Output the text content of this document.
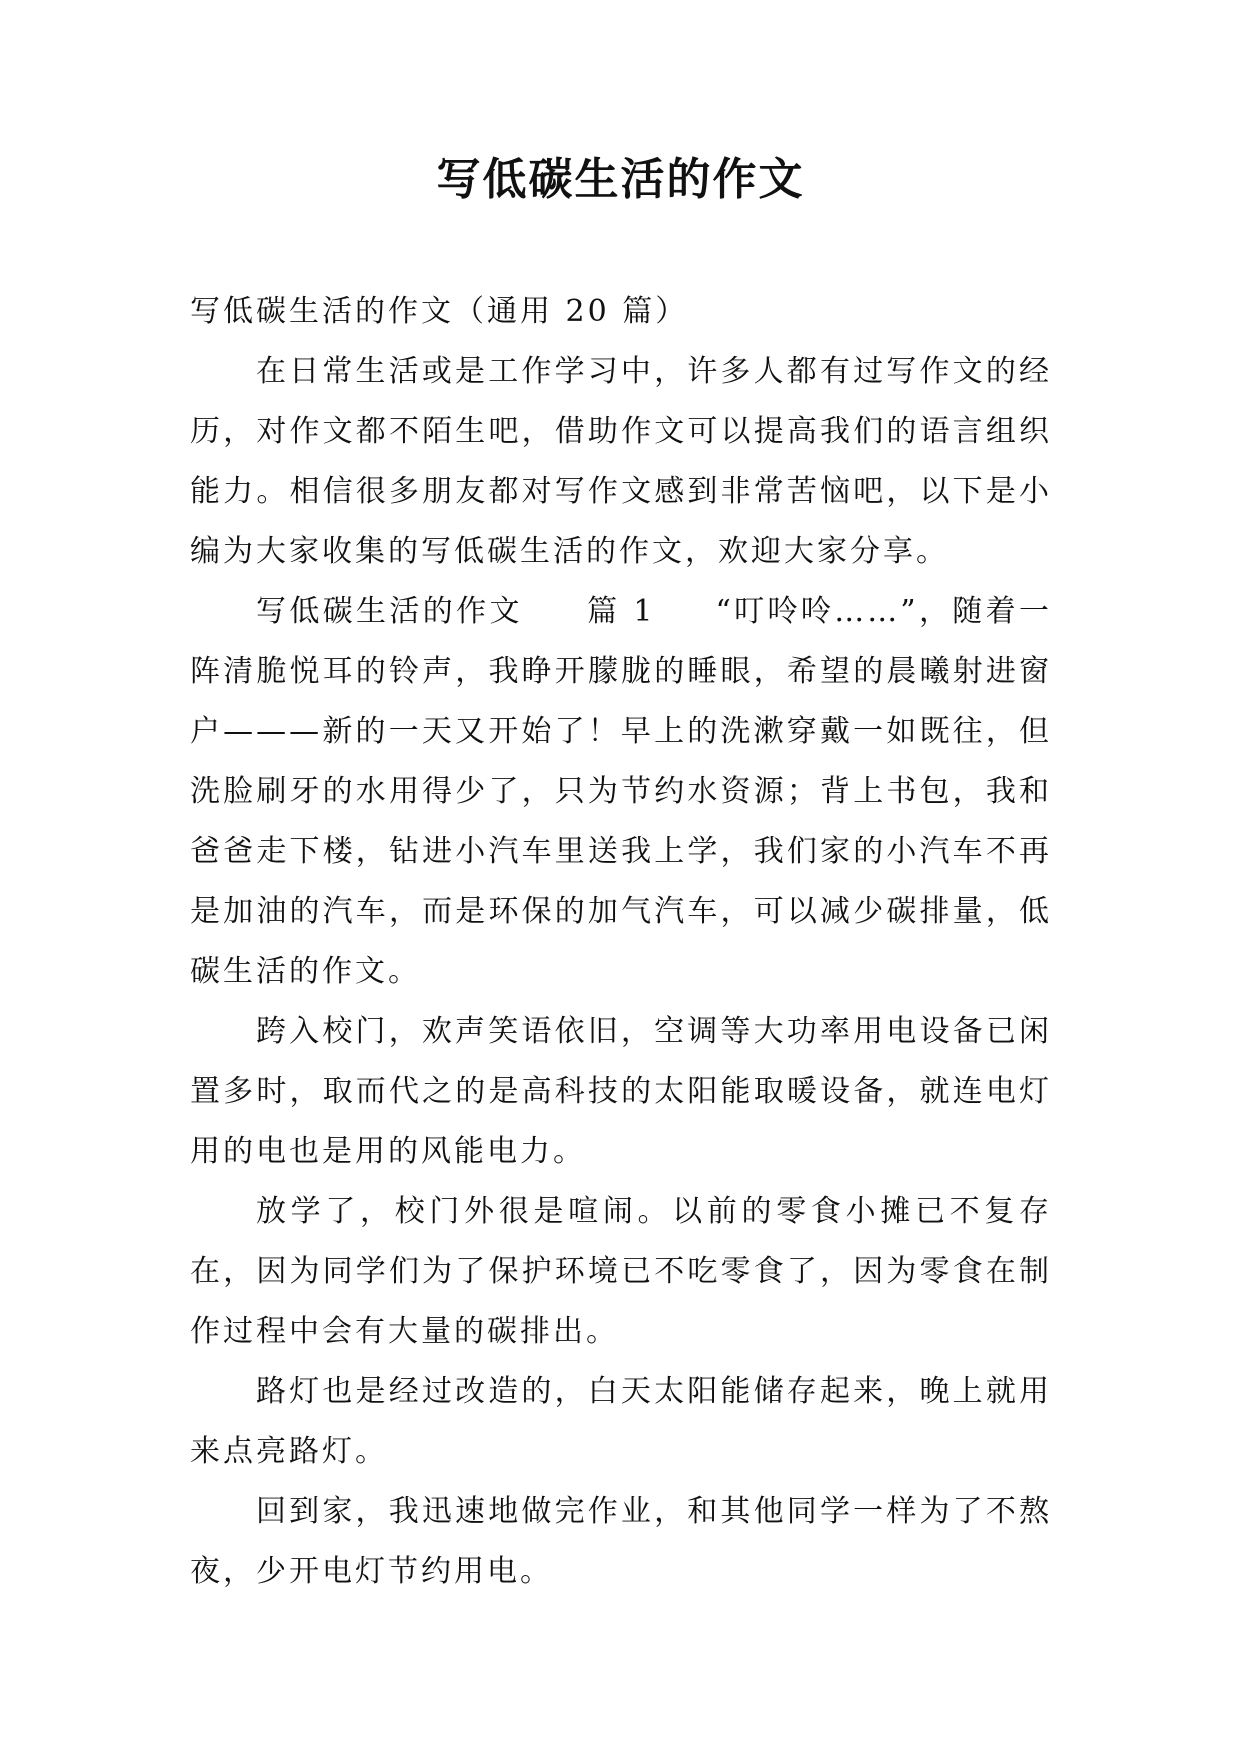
写低碳生活的作文

写低碳生活的作文（通用 20 篇）

在日常生活或是工作学习中，许多人都有过写作文的经历，对作文都不陌生吧，借助作文可以提高我们的语言组织能力。相信很多朋友都对写作文感到非常苦恼吧，以下是小编为大家收集的写低碳生活的作文，欢迎大家分享。

写低碳生活的作文 篇 1 “叮呤呤……”，随着一阵清脆悦耳的铃声，我睁开朦胧的睡眼，希望的晨曦射进窗户———新的一天又开始了！早上的洗漱穿戴一如既往，但洗脸刷牙的水用得少了，只为节约水资源；背上书包，我和爸爸走下楼，钻进小汽车里送我上学，我们家的小汽车不再是加油的汽车，而是环保的加气汽车，可以减少碳排量，低碳生活的作文。

跨入校门，欢声笑语依旧，空调等大功率用电设备已闲置多时，取而代之的是高科技的太阳能取暖设备，就连电灯用的电也是用的风能电力。

放学了，校门外很是喧闹。以前的零食小摊已不复存在，因为同学们为了保护环境已不吃零食了，因为零食在制作过程中会有大量的碳排出。

路灯也是经过改造的，白天太阳能储存起来，晚上就用来点亮路灯。

回到家，我迅速地做完作业，和其他同学一样为了不熬夜，少开电灯节约用电。
